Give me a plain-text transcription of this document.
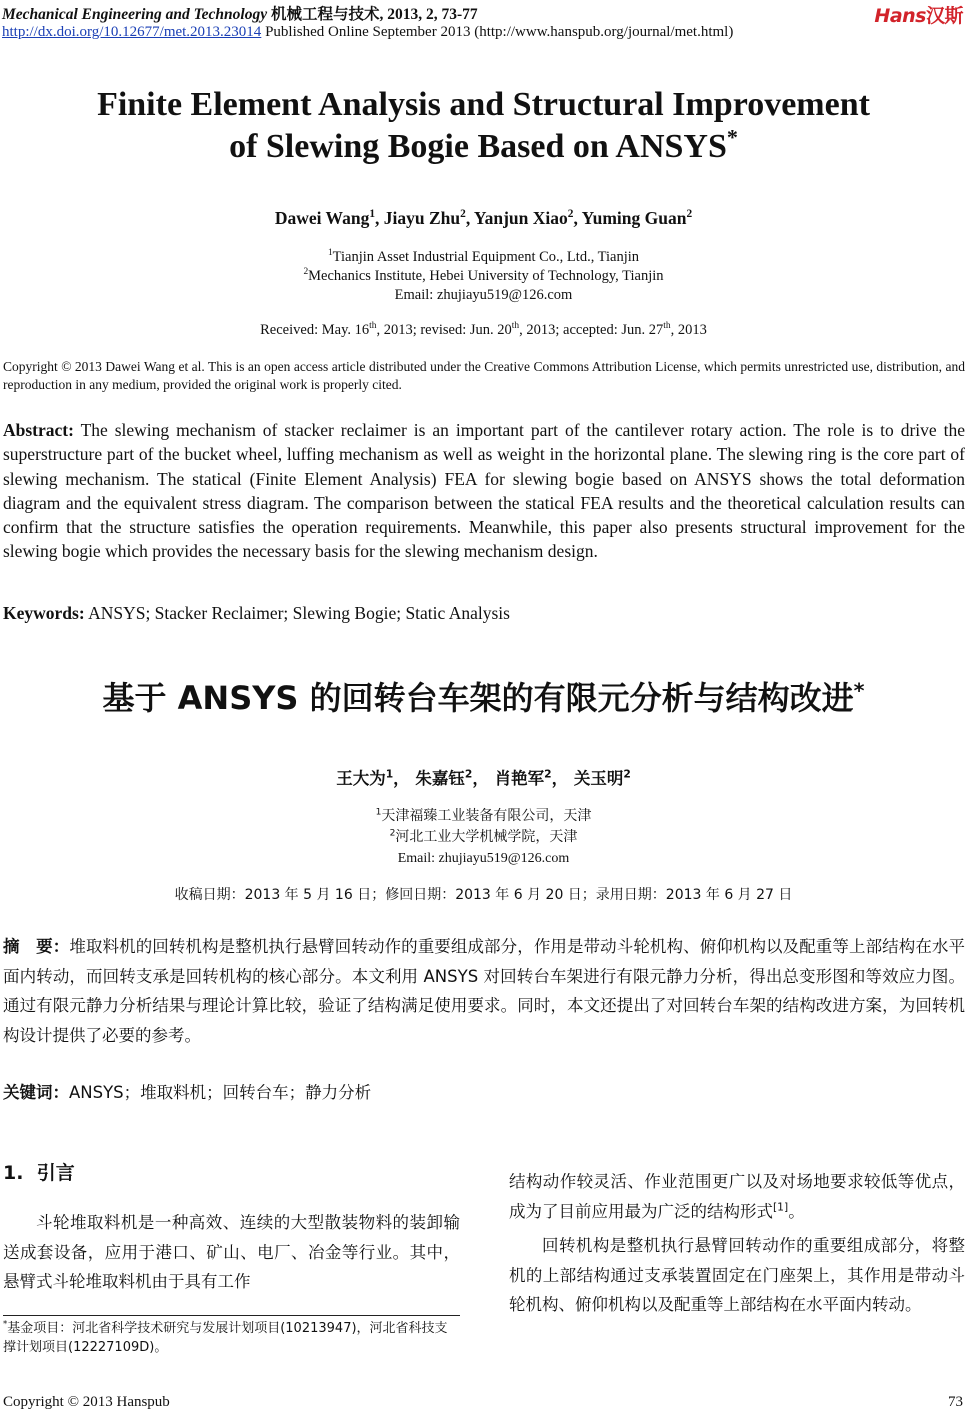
Mechanical Engineering and Technology 机械工程与技术, 2013, 2, 73-77
http://dx.doi.org/10.12677/met.2013.23014 Published Online September 2013 (http://www.hanspub.org/journal/met.html)
Hans汉斯
Finite Element Analysis and Structural Improvement
of Slewing Bogie Based on ANSYS*
Dawei Wang$^1$, Jiayu Zhu$^2$, Yanjun Xiao$^2$, Yuming Guan$^2$
$^1$Tianjin Asset Industrial Equipment Co., Ltd., Tianjin
$^2$Mechanics Institute, Hebei University of Technology, Tianjin
Email: zhujiayu519@126.com
Received: May. 16th, 2013; revised: Jun. 20th, 2013; accepted: Jun. 27th, 2013
Copyright © 2013 Dawei Wang et al. This is an open access article distributed under the Creative Commons Attribution License, which permits unrestricted use, distribution, and reproduction in any medium, provided the original work is properly cited.
Abstract: The slewing mechanism of stacker reclaimer is an important part of the cantilever rotary action. The role is to drive the superstructure part of the bucket wheel, luffing mechanism as well as weight in the horizontal plane. The slewing ring is the core part of slewing mechanism. The statical (Finite Element Analysis) FEA for slewing bogie based on ANSYS shows the total deformation diagram and the equivalent stress diagram. The comparison between the statical FEA results and the theoretical calculation results can confirm that the structure satisfies the operation requirements. Meanwhile, this paper also presents structural improvement for the slewing bogie which provides the necessary basis for the slewing mechanism design.
Keywords: ANSYS; Stacker Reclaimer; Slewing Bogie; Static Analysis
基于 ANSYS 的回转台车架的有限元分析与结构改进*
王大为$^1$， 朱嘉钰$^2$， 肖艳军$^2$， 关玉明$^2$
$^1$天津福臻工业装备有限公司，天津
$^2$河北工业大学机械学院，天津
Email: zhujiayu519@126.com
收稿日期：2013 年 5 月 16 日；修回日期：2013 年 6 月 20 日；录用日期：2013 年 6 月 27 日
摘　要：堆取料机的回转机构是整机执行悬臂回转动作的重要组成部分，作用是带动斗轮机构、俯仰机构以及配重等上部结构在水平面内转动，而回转支承是回转机构的核心部分。本文利用 ANSYS 对回转台车架进行有限元静力分析，得出总变形图和等效应力图。通过有限元静力分析结果与理论计算比较，验证了结构满足使用要求。同时，本文还提出了对回转台车架的结构改进方案，为回转机构设计提供了必要的参考。
关键词：ANSYS；堆取料机；回转台车；静力分析
1. 引言

斗轮堆取料机是一种高效、连续的大型散装物料的装卸输送成套设备，应用于港口、矿山、电厂、冶金等行业。其中，悬臂式斗轮堆取料机由于具有工作

结构动作较灵活、作业范围更广以及对场地要求较低等优点，成为了目前应用最为广泛的结构形式[1]。

回转机构是整机执行悬臂回转动作的重要组成部分，将整机的上部结构通过支承装置固定在门座架上，其作用是带动斗轮机构、俯仰机构以及配重等上部结构在水平面内转动。

*基金项目：河北省科学技术研究与发展计划项目(10213947)，河北省科技支撑计划项目(12227109D)。
Copyright © 2013 Hanspub	73
